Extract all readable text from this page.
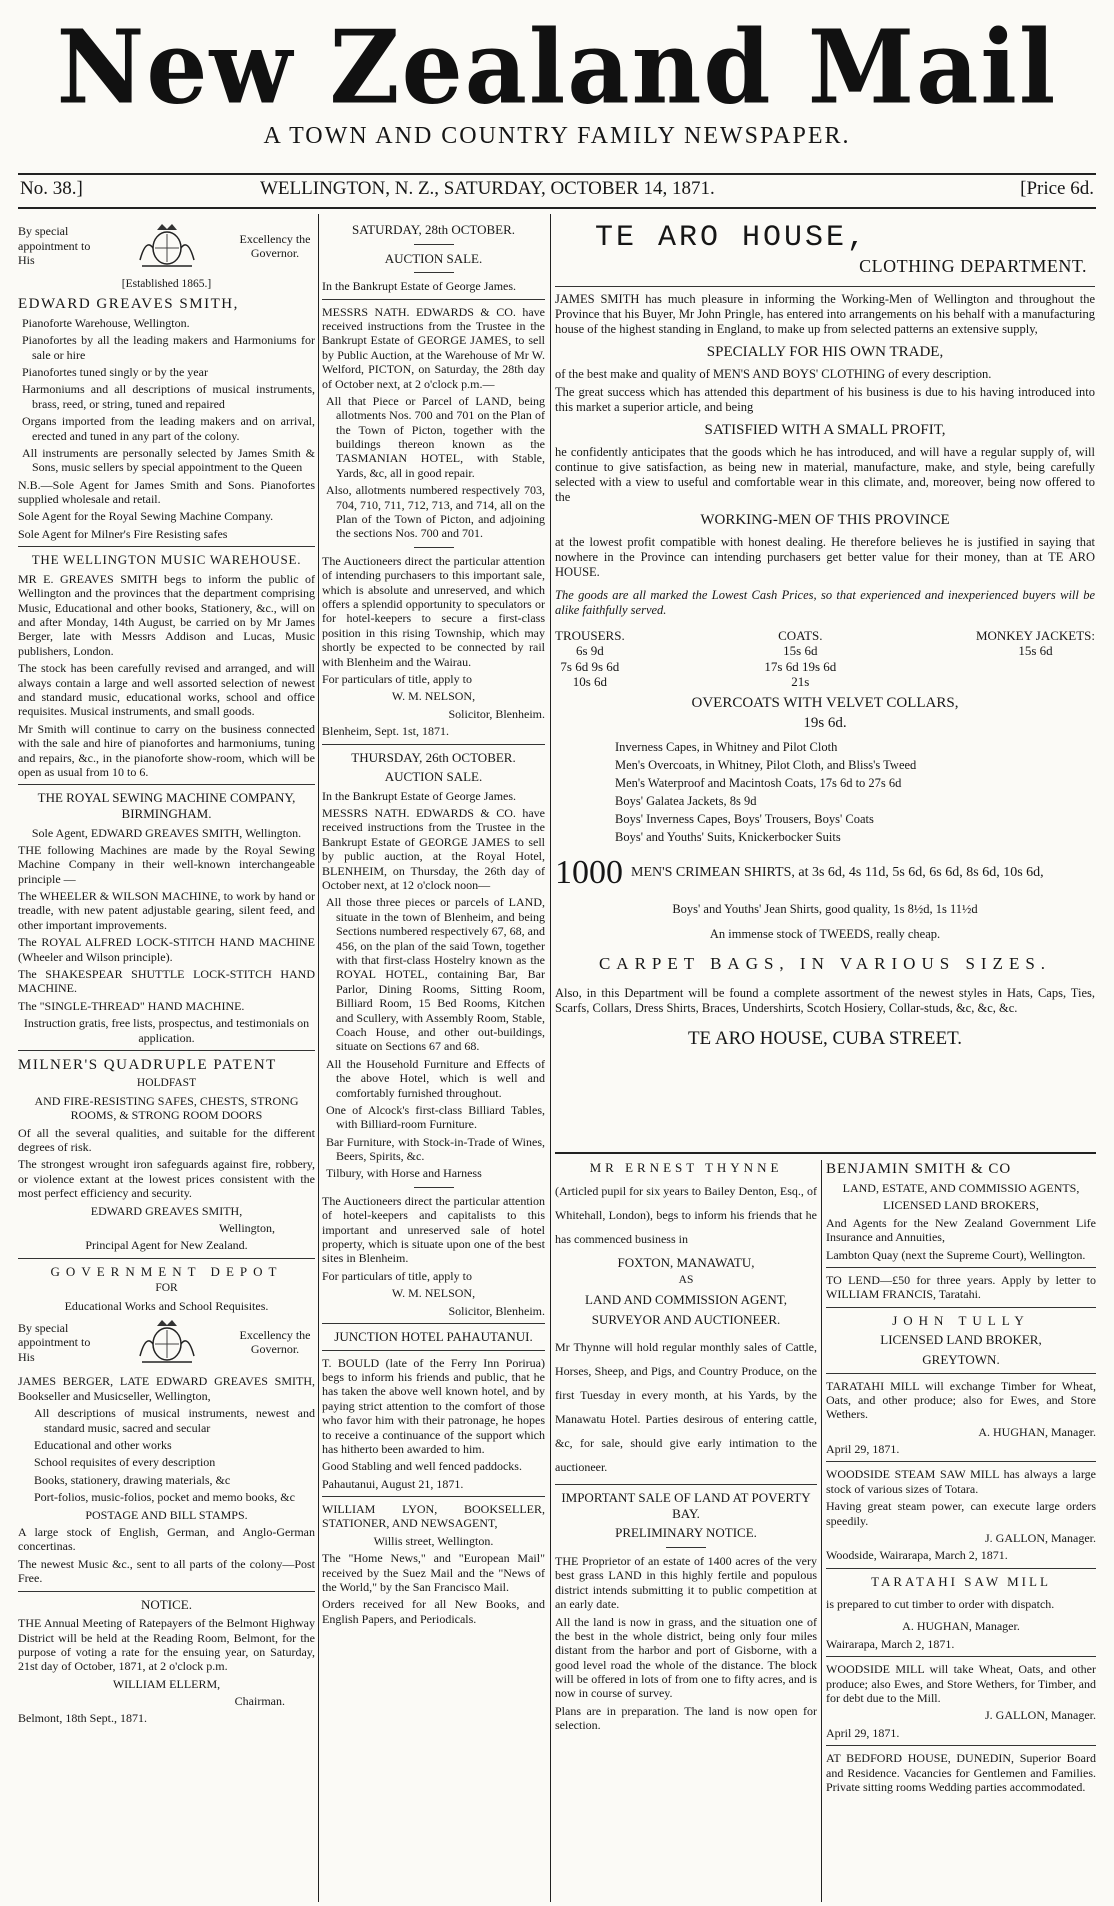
New Zealand Mail
A TOWN AND COUNTRY FAMILY NEWSPAPER.
No. 38.]	WELLINGTON, N. Z., SATURDAY, OCTOBER 14, 1871.	[Price 6d.
By special appointment to His
Excellency the Governor.

[Established 1865.]

EDWARD GREAVES SMITH,

Pianoforte Warehouse, Wellington.

Pianofortes by all the leading makers and Harmoniums for sale or hire

Pianofortes tuned singly or by the year

Harmoniums and all descriptions of musical instruments, brass, reed, or string, tuned and repaired

Organs imported from the leading makers and on arrival, erected and tuned in any part of the colony.

All instruments are personally selected by James Smith & Sons, music sellers by special appointment to the Queen

N.B.—Sole Agent for James Smith and Sons. Pianofortes supplied wholesale and retail.

Sole Agent for the Royal Sewing Machine Company.

Sole Agent for Milner's Fire Resisting safes

THE WELLINGTON MUSIC WAREHOUSE.

MR E. GREAVES SMITH begs to inform the public of Wellington and the provinces that the department comprising Music, Educational and other books, Stationery, &c., will on and after Monday, 14th August, be carried on by Mr James Berger, late with Messrs Addison and Lucas, Music publishers, London.

The stock has been carefully revised and arranged, and will always contain a large and well assorted selection of newest and standard music, educational works, school and office requisites. Musical instruments, and small goods.

Mr Smith will continue to carry on the business connected with the sale and hire of pianofortes and harmoniums, tuning and repairs, &c., in the pianoforte show-room, which will be open as usual from 10 to 6.

THE ROYAL SEWING MACHINE COMPANY, BIRMINGHAM.

Sole Agent, EDWARD GREAVES SMITH, Wellington.

THE following Machines are made by the Royal Sewing Machine Company in their well-known interchangeable principle —

The WHEELER & WILSON MACHINE, to work by hand or treadle, with new patent adjustable gearing, silent feed, and other important improvements.

The ROYAL ALFRED LOCK-STITCH HAND MACHINE (Wheeler and Wilson principle).

The SHAKESPEAR SHUTTLE LOCK-STITCH HAND MACHINE.

The "SINGLE-THREAD" HAND MACHINE.

Instruction gratis, free lists, prospectus, and testimonials on application.

MILNER'S QUADRUPLE PATENT

HOLDFAST

AND FIRE-RESISTING SAFES, CHESTS, STRONG ROOMS, & STRONG ROOM DOORS

Of all the several qualities, and suitable for the different degrees of risk.

The strongest wrought iron safeguards against fire, robbery, or violence extant at the lowest prices consistent with the most perfect efficiency and security.

EDWARD GREAVES SMITH,

Wellington,

Principal Agent for New Zealand.

GOVERNMENT DEPOT

FOR

Educational Works and School Requisites.

By special appointment to His
Excellency the Governor.

JAMES BERGER, LATE EDWARD GREAVES SMITH, Bookseller and Musicseller, Wellington,

All descriptions of musical instruments, newest and standard music, sacred and secular

Educational and other works

School requisites of every description

Books, stationery, drawing materials, &c

Port-folios, music-folios, pocket and memo books, &c

POSTAGE AND BILL STAMPS.

A large stock of English, German, and Anglo-German concertinas.

The newest Music &c., sent to all parts of the colony—Post Free.

NOTICE.

THE Annual Meeting of Ratepayers of the Belmont Highway District will be held at the Reading Room, Belmont, for the purpose of voting a rate for the ensuing year, on Saturday, 21st day of October, 1871, at 2 o'clock p.m.

WILLIAM ELLERM,

Chairman.

Belmont, 18th Sept., 1871.

SATURDAY, 28th OCTOBER.

AUCTION SALE.

In the Bankrupt Estate of George James.

MESSRS NATH. EDWARDS & CO. have received instructions from the Trustee in the Bankrupt Estate of GEORGE JAMES, to sell by Public Auction, at the Warehouse of Mr W. Welford, PICTON, on Saturday, the 28th day of October next, at 2 o'clock p.m.—

All that Piece or Parcel of LAND, being allotments Nos. 700 and 701 on the Plan of the Town of Picton, together with the buildings thereon known as the TASMANIAN HOTEL, with Stable, Yards, &c, all in good repair.

Also, allotments numbered respectively 703, 704, 710, 711, 712, 713, and 714, all on the Plan of the Town of Picton, and adjoining the sections Nos. 700 and 701.

The Auctioneers direct the particular attention of intending purchasers to this important sale, which is absolute and unreserved, and which offers a splendid opportunity to speculators or for hotel-keepers to secure a first-class position in this rising Township, which may shortly be expected to be connected by rail with Blenheim and the Wairau.

For particulars of title, apply to

W. M. NELSON,

Solicitor, Blenheim.

Blenheim, Sept. 1st, 1871.

THURSDAY, 26th OCTOBER.

AUCTION SALE.

In the Bankrupt Estate of George James.

MESSRS NATH. EDWARDS & CO. have received instructions from the Trustee in the Bankrupt Estate of GEORGE JAMES to sell by public auction, at the Royal Hotel, BLENHEIM, on Thursday, the 26th day of October next, at 12 o'clock noon—

All those three pieces or parcels of LAND, situate in the town of Blenheim, and being Sections numbered respectively 67, 68, and 456, on the plan of the said Town, together with that first-class Hostelry known as the ROYAL HOTEL, containing Bar, Bar Parlor, Dining Rooms, Sitting Room, Billiard Room, 15 Bed Rooms, Kitchen and Scullery, with Assembly Room, Stable, Coach House, and other out-buildings, situate on Sections 67 and 68.

All the Household Furniture and Effects of the above Hotel, which is well and comfortably furnished throughout.

One of Alcock's first-class Billiard Tables, with Billiard-room Furniture.

Bar Furniture, with Stock-in-Trade of Wines, Beers, Spirits, &c.

Tilbury, with Horse and Harness

The Auctioneers direct the particular attention of hotel-keepers and capitalists to this important and unreserved sale of hotel property, which is situate upon one of the best sites in Blenheim.

For particulars of title, apply to

W. M. NELSON,

Solicitor, Blenheim.

JUNCTION HOTEL PAHAUTANUI.

T. BOULD (late of the Ferry Inn Porirua) begs to inform his friends and public, that he has taken the above well known hotel, and by paying strict attention to the comfort of those who favor him with their patronage, he hopes to receive a continuance of the support which has hitherto been awarded to him.

Good Stabling and well fenced paddocks.

Pahautanui, August 21, 1871.

WILLIAM LYON, BOOKSELLER, STATIONER, AND NEWSAGENT,

Willis street, Wellington.

The "Home News," and "European Mail" received by the Suez Mail and the "News of the World," by the San Francisco Mail.

Orders received for all New Books, and English Papers, and Periodicals.

TE ARO HOUSE,
CLOTHING DEPARTMENT.

JAMES SMITH has much pleasure in informing the Working-Men of Wellington and throughout the Province that his Buyer, Mr John Pringle, has entered into arrangements on his behalf with a manufacturing house of the highest standing in England, to make up from selected patterns an extensive supply,

SPECIALLY FOR HIS OWN TRADE,

of the best make and quality of MEN'S AND BOYS' CLOTHING of every description.

The great success which has attended this department of his business is due to his having introduced into this market a superior article, and being

SATISFIED WITH A SMALL PROFIT,

he confidently anticipates that the goods which he has introduced, and will have a regular supply of, will continue to give satisfaction, as being new in material, manufacture, make, and style, being carefully selected with a view to useful and comfortable wear in this climate, and, moreover, being now offered to the

WORKING-MEN OF THIS PROVINCE

at the lowest profit compatible with honest dealing. He therefore believes he is justified in saying that nowhere in the Province can intending purchasers get better value for their money, than at TE ARO HOUSE.

The goods are all marked the Lowest Cash Prices, so that experienced and inexperienced buyers will be alike faithfully served.

TROUSERS.
6s 9d
7s 6d 9s 6d
10s 6d
COATS.
15s 6d
17s 6d 19s 6d
21s
MONKEY JACKETS:
15s 6d

OVERCOATS WITH VELVET COLLARS,

19s 6d.

Inverness Capes, in Whitney and Pilot Cloth

Men's Overcoats, in Whitney, Pilot Cloth, and Bliss's Tweed

Men's Waterproof and Macintosh Coats, 17s 6d to 27s 6d

Boys' Galatea Jackets, 8s 9d

Boys' Inverness Capes, Boys' Trousers, Boys' Coats

Boys' and Youths' Suits, Knickerbocker Suits

1000 MEN'S CRIMEAN SHIRTS, at 3s 6d, 4s 11d, 5s 6d, 6s 6d, 8s 6d, 10s 6d,

Boys' and Youths' Jean Shirts, good quality, 1s 8½d, 1s 11½d

An immense stock of TWEEDS, really cheap.

CARPET BAGS, IN VARIOUS SIZES.

Also, in this Department will be found a complete assortment of the newest styles in Hats, Caps, Ties, Scarfs, Collars, Dress Shirts, Braces, Undershirts, Scotch Hosiery, Collar-studs, &c, &c, &c.

TE ARO HOUSE, CUBA STREET.

MR ERNEST THYNNE

(Articled pupil for six years to Bailey Denton, Esq., of Whitehall, London), begs to inform his friends that he has commenced business in

FOXTON, MANAWATU,

AS

LAND AND COMMISSION AGENT,

SURVEYOR AND AUCTIONEER.

Mr Thynne will hold regular monthly sales of Cattle, Horses, Sheep, and Pigs, and Country Produce, on the first Tuesday in every month, at his Yards, by the Manawatu Hotel. Parties desirous of entering cattle, &c, for sale, should give early intimation to the auctioneer.

IMPORTANT SALE OF LAND AT POVERTY BAY.

PRELIMINARY NOTICE.

THE Proprietor of an estate of 1400 acres of the very best grass LAND in this highly fertile and populous district intends submitting it to public competition at an early date.

All the land is now in grass, and the situation one of the best in the whole district, being only four miles distant from the harbor and port of Gisborne, with a good level road the whole of the distance. The block will be offered in lots of from one to fifty acres, and is now in course of survey.

Plans are in preparation. The land is now open for selection.

BENJAMIN SMITH & CO

LAND, ESTATE, AND COMMISSIO AGENTS,

LICENSED LAND BROKERS,

And Agents for the New Zealand Government Life Insurance and Annuities,

Lambton Quay (next the Supreme Court), Wellington.

TO LEND—£50 for three years. Apply by letter to WILLIAM FRANCIS, Taratahi.

JOHN TULLY

LICENSED LAND BROKER,

GREYTOWN.

TARATAHI MILL will exchange Timber for Wheat, Oats, and other produce; also for Ewes, and Store Wethers.

A. HUGHAN, Manager.

April 29, 1871.

WOODSIDE STEAM SAW MILL has always a large stock of various sizes of Totara.

Having great steam power, can execute large orders speedily.

J. GALLON, Manager.

Woodside, Wairarapa, March 2, 1871.

TARATAHI SAW MILL

is prepared to cut timber to order with dispatch.

A. HUGHAN, Manager.

Wairarapa, March 2, 1871.

WOODSIDE MILL will take Wheat, Oats, and other produce; also Ewes, and Store Wethers, for Timber, and for debt due to the Mill.

J. GALLON, Manager.

April 29, 1871.

AT BEDFORD HOUSE, DUNEDIN, Superior Board and Residence. Vacancies for Gentlemen and Families. Private sitting rooms Wedding parties accommodated.
